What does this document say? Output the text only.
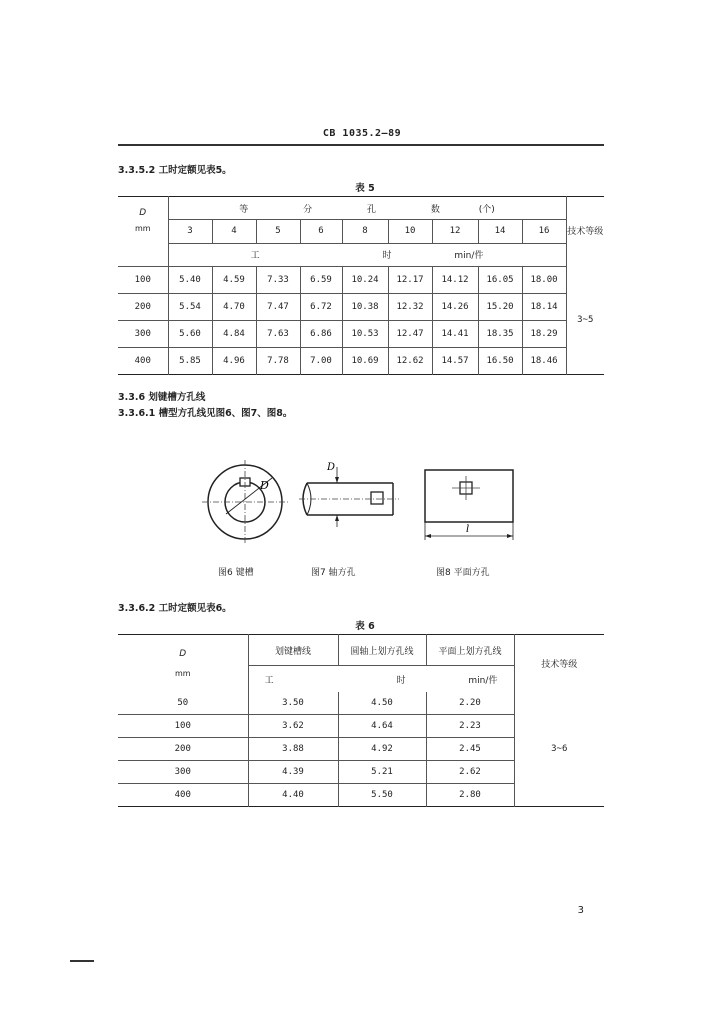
CB 1035.2—89
3.3.5.2 工时定额见表5。
表 5
D
mm	等 分 孔 数 (个)									技术等级
	3	4	5	6	8	10	12	14	16	
	工 时 min/件									
100	5.40	4.59	7.33	6.59	10.24	12.17	14.12	16.05	18.00	3~5
200	5.54	4.70	7.47	6.72	10.38	12.32	14.26	15.20	18.14	
300	5.60	4.84	7.63	6.86	10.53	12.47	14.41	18.35	18.29	
400	5.85	4.96	7.78	7.00	10.69	12.62	14.57	16.50	18.46	
3.3.6 划键槽方孔线
3.3.6.1 槽型方孔线见图6、图7、图8。
D
D
l
图6 键槽	图7 轴方孔	图8 平面方孔
3.3.6.2 工时定额见表6。
表 6
D
mm	划键槽线	圆轴上划方孔线	平面上划方孔线	技术等级
	工 时 min/件			
50	3.50	4.50	2.20	3~6
100	3.62	4.64	2.23	
200	3.88	4.92	2.45	
300	4.39	5.21	2.62	
400	4.40	5.50	2.80	
3
